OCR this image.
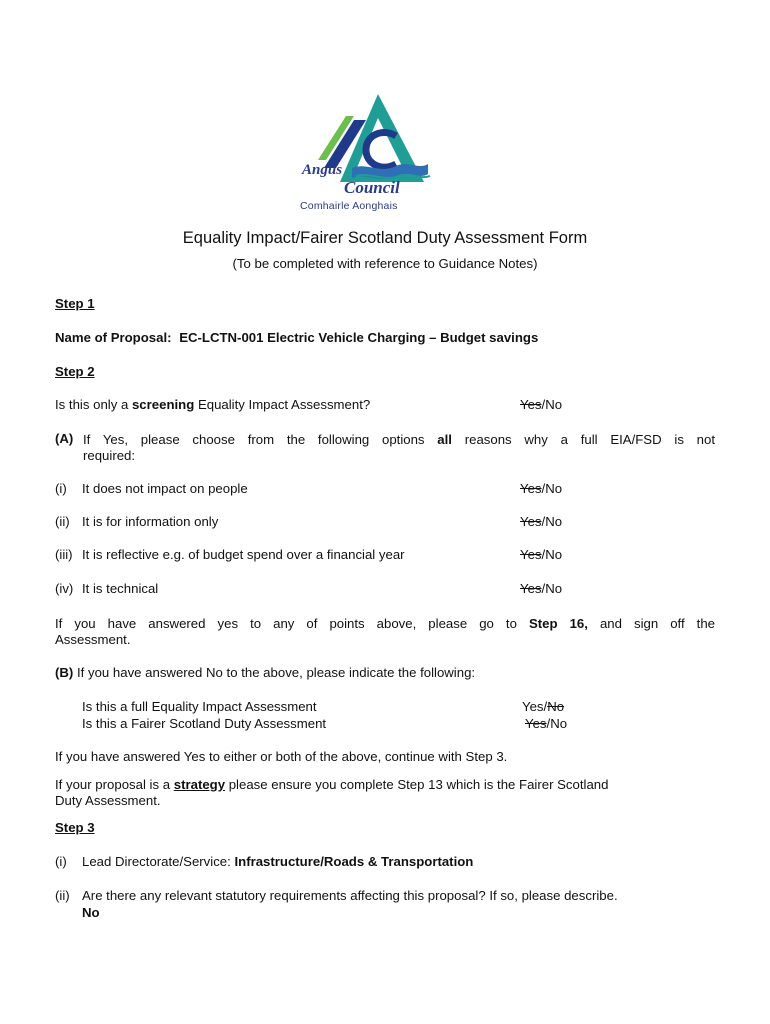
Angus
Council
Comhairle Aonghais
Equality Impact/Fairer Scotland Duty Assessment Form
(To be completed with reference to Guidance Notes)
Step 1
Name of Proposal: EC-LCTN-001 Electric Vehicle Charging – Budget savings
Step 2
Is this only a screening Equality Impact Assessment?	Yes/No
(A) If Yes, please choose from the following options all reasons why a full EIA/FSD is not
required:
(i) It does not impact on people	Yes/No
(ii) It is for information only	Yes/No
(iii) It is reflective e.g. of budget spend over a financial year	Yes/No
(iv) It is technical	Yes/No
If you have answered yes to any of points above, please go to Step 16, and sign off the
Assessment.
(B) If you have answered No to the above, please indicate the following:
Is this a full Equality Impact Assessment	Yes/No
Is this a Fairer Scotland Duty Assessment	Yes/No
If you have answered Yes to either or both of the above, continue with Step 3.
If your proposal is a strategy please ensure you complete Step 13 which is the Fairer Scotland
Duty Assessment.
Step 3
(i) Lead Directorate/Service: Infrastructure/Roads & Transportation
(ii) Are there any relevant statutory requirements affecting this proposal? If so, please describe.
No
